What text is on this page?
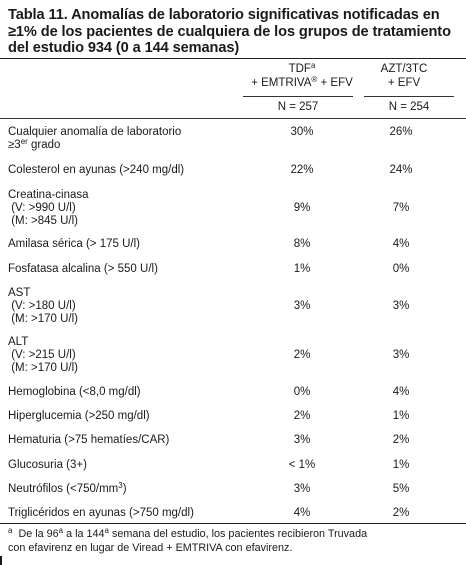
Tabla 11. Anomalías de laboratorio significativas notificadas en ≥1% de los pacientes de cualquiera de los grupos de tratamiento del estudio 934 (0 a 144 semanas)
$TDF^a$
+ EMTRIVA® + EFV
AZT/3TC
+ EFV
N = 257	N = 254
Cualquier anomalía de laboratorio
≥3er grado
30%	26%
Colesterol en ayunas (>240 mg/dl)	22%	24%
Creatina-cinasa
(V: >990 U/l)
(M: >845 U/l)
9%	7%
Amilasa sérica (> 175 U/l)	8%	4%
Fosfatasa alcalina (> 550 U/l)	1%	0%
AST
(V: >180 U/l)
(M: >170 U/l)
3%	3%
ALT
(V: >215 U/l)
(M: >170 U/l)
2%	3%
Hemoglobina (<8,0 mg/dl)	0%	4%
Hiperglucemia (>250 mg/dl)	2%	1%
Hematuria (>75 hematíes/CAR)	3%	2%
Glucosuria (3+)	< 1%	1%
Neutrófilos $(<750/mm^3)$	3%	5%
Triglicéridos en ayunas (>750 mg/dl)	4%	2%
$^a$ De la 96$^a$ a la 144$^a$ semana del estudio, los pacientes recibieron Truvada
con efavirenz en lugar de Viread + EMTRIVA con efavirenz.
